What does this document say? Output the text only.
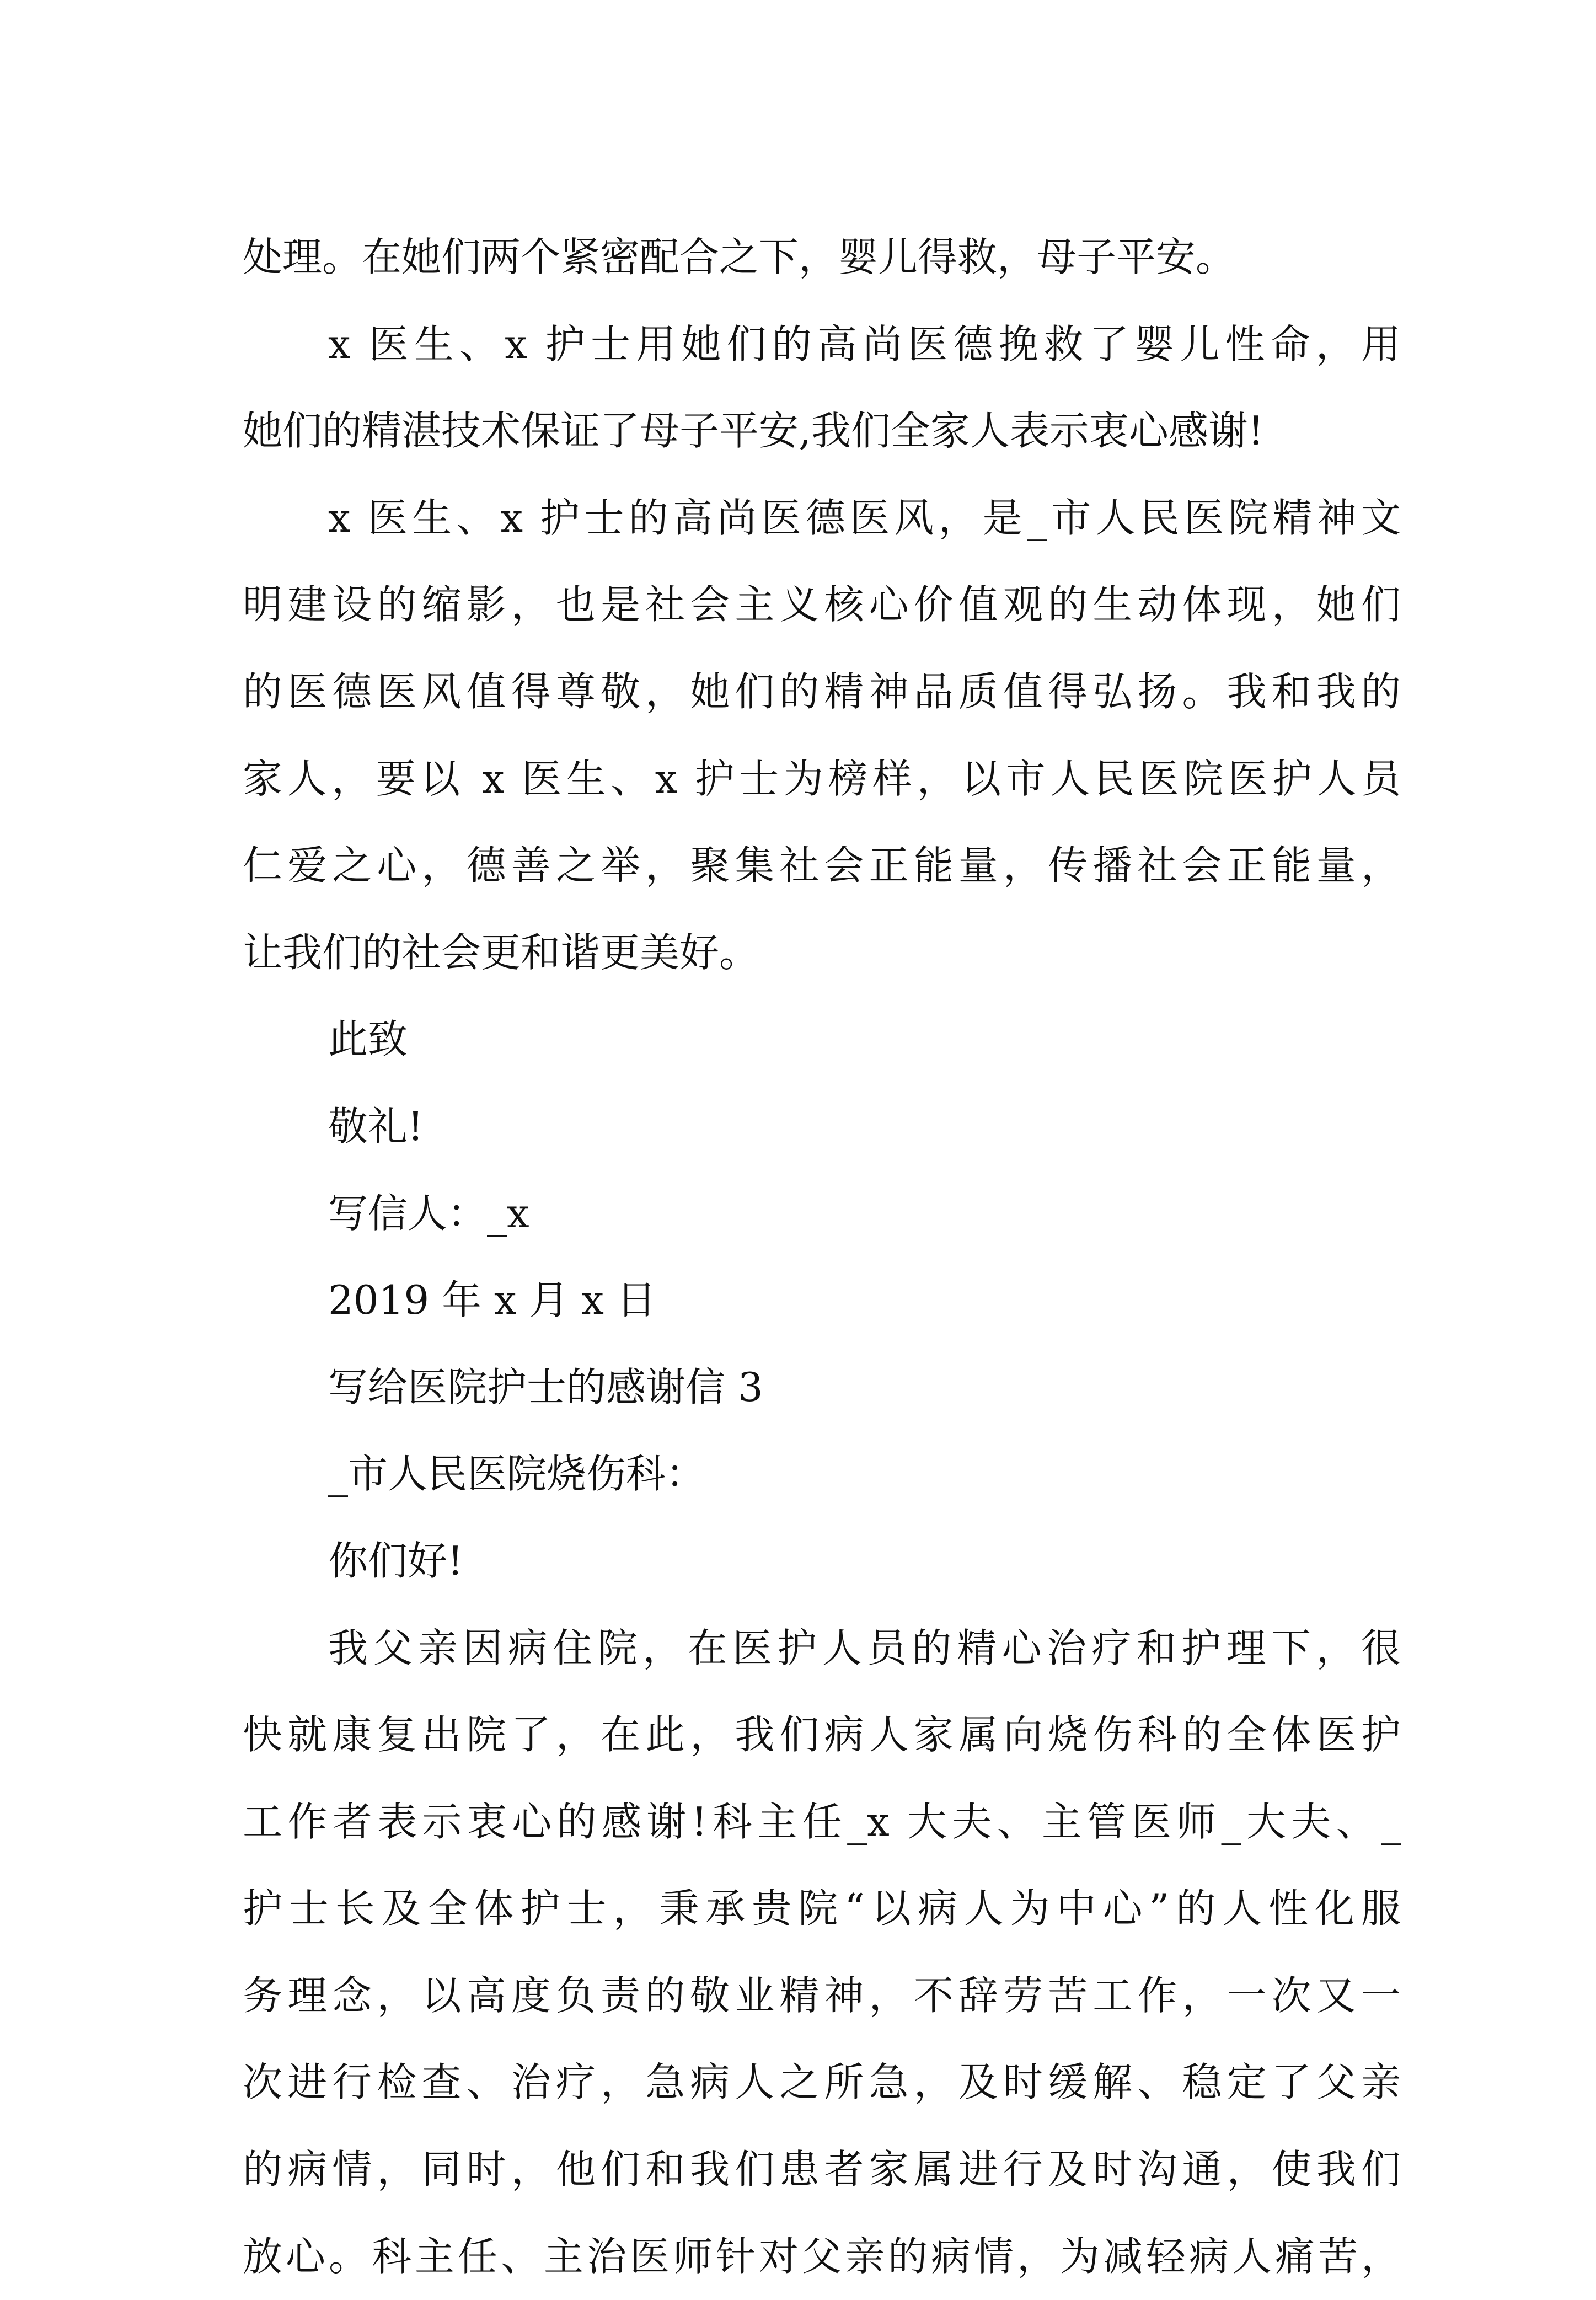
处理。在她们两个紧密配合之下，婴儿得救，母子平安。
x 医生、x 护士用她们的高尚医德挽救了婴儿性命，用
她们的精湛技术保证了母子平安,我们全家人表示衷心感谢!
x 医生、x 护士的高尚医德医风，是_市人民医院精神文
明建设的缩影，也是社会主义核心价值观的生动体现，她们
的医德医风值得尊敬，她们的精神品质值得弘扬。我和我的
家人，要以 x 医生、x 护士为榜样，以市人民医院医护人员
仁爱之心，德善之举，聚集社会正能量，传播社会正能量，
让我们的社会更和谐更美好。
此致
敬礼!
写信人：_x
2019 年 x 月 x 日
写给医院护士的感谢信 3
_市人民医院烧伤科：
你们好!
我父亲因病住院，在医护人员的精心治疗和护理下，很
快就康复出院了，在此，我们病人家属向烧伤科的全体医护
工作者表示衷心的感谢!科主任_x 大夫、主管医师_大夫、_
护士长及全体护士，秉承贵院“以病人为中心”的人性化服
务理念，以高度负责的敬业精神，不辞劳苦工作，一次又一
次进行检查、治疗，急病人之所急，及时缓解、稳定了父亲
的病情，同时，他们和我们患者家属进行及时沟通，使我们
放心。科主任、主治医师针对父亲的病情，为减轻病人痛苦，
